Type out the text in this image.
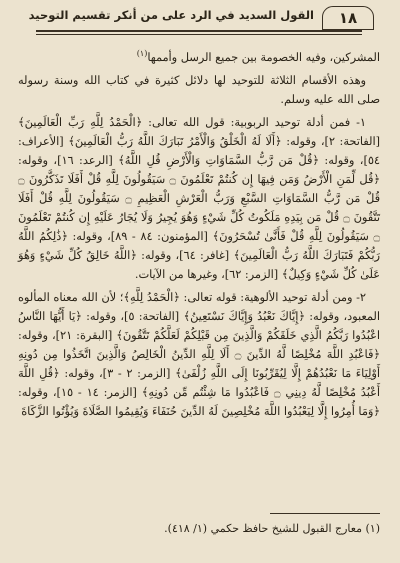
١٨
القول السديد في الرد على من أنكر تقسيم التوحيد

المشركين، وفيه الخصومة بين جميع الرسل وأممها$^{(١)}$

وهذه الأقسام الثلاثة للتوحيد لها دلائل كثيرة في كتاب الله وسنة رسوله صلى الله عليه وسلم.

١- فمن أدلة توحيد الربوبية: قول الله تعالى: ﴿الْحَمْدُ لِلَّهِ رَبِّ الْعَالَمِينَ﴾ [الفاتحة: ٢]، وقوله: ﴿أَلَا لَهُ الْخَلْقُ وَالْأَمْرُ تَبَارَكَ اللَّهُ رَبُّ الْعَالَمِينَ﴾ [الأعراف: ٥٤]، وقوله: ﴿قُلْ مَن رَّبُّ السَّمَاوَاتِ وَالْأَرْضِ قُلِ اللَّهُ﴾ [الرعد: ١٦]، وقوله: ﴿قُل لِّمَنِ الْأَرْضُ وَمَن فِيهَا إِن كُنتُمْ تَعْلَمُونَ ۝ سَيَقُولُونَ لِلَّهِ قُلْ أَفَلَا تَذَكَّرُونَ ۝ قُلْ مَن رَّبُّ السَّمَاوَاتِ السَّبْعِ وَرَبُّ الْعَرْشِ الْعَظِيمِ ۝ سَيَقُولُونَ لِلَّهِ قُلْ أَفَلَا تَتَّقُونَ ۝ قُلْ مَن بِيَدِهِ مَلَكُوتُ كُلِّ شَيْءٍ وَهُوَ يُجِيرُ وَلَا يُجَارُ عَلَيْهِ إِن كُنتُمْ تَعْلَمُونَ ۝ سَيَقُولُونَ لِلَّهِ قُلْ فَأَنَّىٰ تُسْحَرُونَ﴾ [المؤمنون: ٨٤ - ٨٩]، وقوله: ﴿ذَٰلِكُمُ اللَّهُ رَبُّكُمْ فَتَبَارَكَ اللَّهُ رَبُّ الْعَالَمِينَ﴾ [غافر: ٦٤]، وقوله: ﴿اللَّهُ خَالِقُ كُلِّ شَيْءٍ وَهُوَ عَلَىٰ كُلِّ شَيْءٍ وَكِيلٌ﴾ [الزمر: ٦٢]، وغيرها من الآيات.

٢- ومن أدلة توحيد الألوهية: قوله تعالى: ﴿الْحَمْدُ لِلَّهِ﴾؛ لأن الله معناه المألوه المعبود، وقوله: ﴿إِيَّاكَ نَعْبُدُ وَإِيَّاكَ نَسْتَعِينُ﴾ [الفاتحة: ٥]، وقوله: ﴿يَا أَيُّهَا النَّاسُ اعْبُدُوا رَبَّكُمُ الَّذِي خَلَقَكُمْ وَالَّذِينَ مِن قَبْلِكُمْ لَعَلَّكُمْ تَتَّقُونَ﴾ [البقرة: ٢١]، وقوله: ﴿فَاعْبُدِ اللَّهَ مُخْلِصًا لَّهُ الدِّينَ ۝ أَلَا لِلَّهِ الدِّينُ الْخَالِصُ وَالَّذِينَ اتَّخَذُوا مِن دُونِهِ أَوْلِيَاءَ مَا نَعْبُدُهُمْ إِلَّا لِيُقَرِّبُونَا إِلَى اللَّهِ زُلْفَىٰ﴾ [الزمر: ٢ - ٣]، وقوله: ﴿قُلِ اللَّهَ أَعْبُدُ مُخْلِصًا لَّهُ دِينِي ۝ فَاعْبُدُوا مَا شِئْتُم مِّن دُونِهِ﴾ [الزمر: ١٤ - ١٥]، وقوله: ﴿وَمَا أُمِرُوا إِلَّا لِيَعْبُدُوا اللَّهَ مُخْلِصِينَ لَهُ الدِّينَ حُنَفَاءَ وَيُقِيمُوا الصَّلَاةَ وَيُؤْتُوا الزَّكَاةَ

(١) معارج القبول للشيخ حافظ حكمي (١/ ٤١٨).
